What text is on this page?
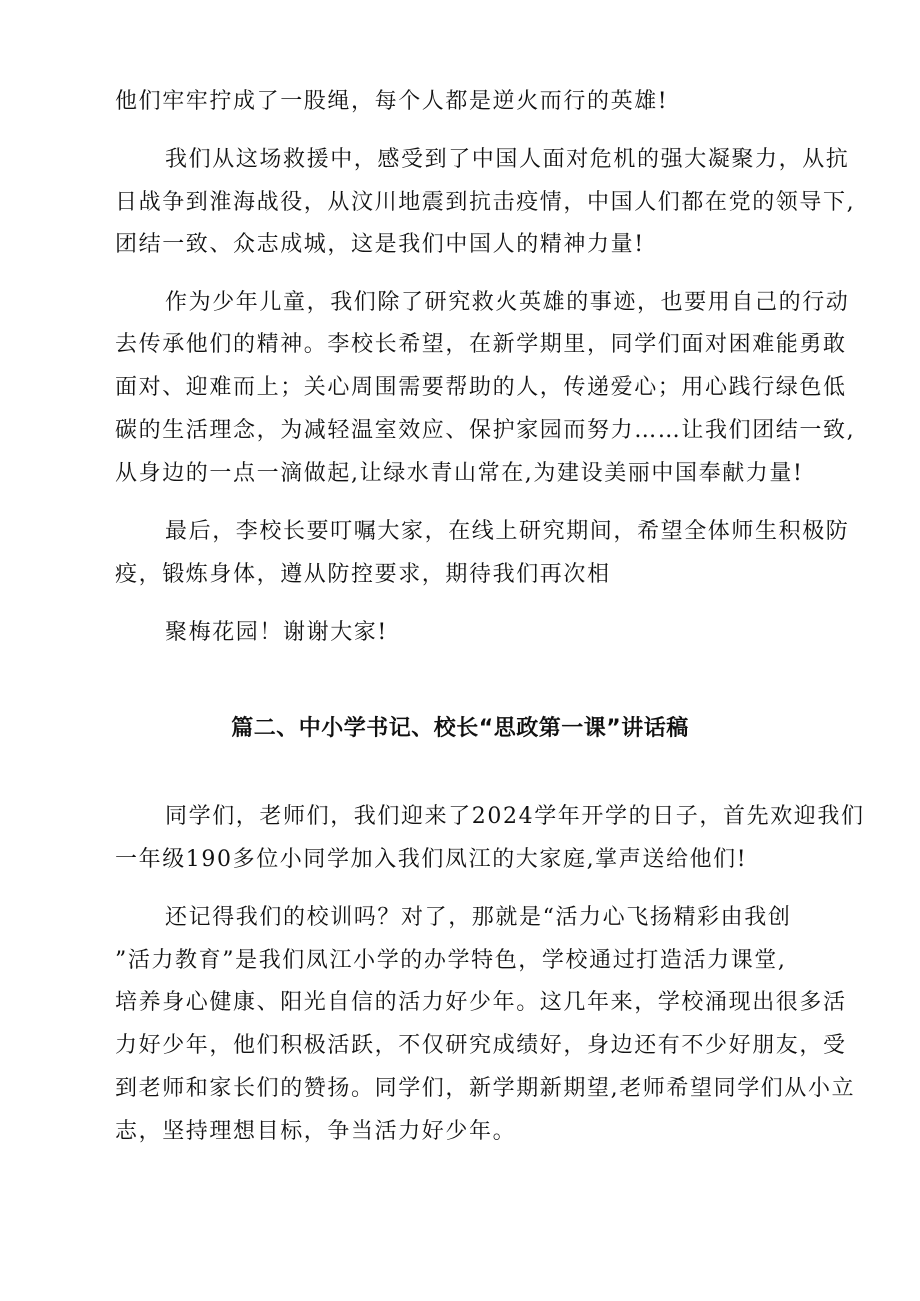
他们牢牢拧成了一股绳，每个人都是逆火而行的英雄!
我们从这场救援中，感受到了中国人面对危机的强大凝聚力，从抗
日战争到淮海战役，从汶川地震到抗击疫情，中国人们都在党的领导下,
团结一致、众志成城，这是我们中国人的精神力量!
作为少年儿童，我们除了研究救火英雄的事迹，也要用自己的行动
去传承他们的精神。李校长希望，在新学期里，同学们面对困难能勇敢
面对、迎难而上；关心周围需要帮助的人，传递爱心；用心践行绿色低
碳的生活理念，为减轻温室效应、保护家园而努力……让我们团结一致,
从身边的一点一滴做起,让绿水青山常在,为建设美丽中国奉献力量!
最后，李校长要叮嘱大家，在线上研究期间，希望全体师生积极防
疫，锻炼身体，遵从防控要求，期待我们再次相
聚梅花园！谢谢大家!
篇二、中小学书记、校长“思政第一课”讲话稿
同学们，老师们，我们迎来了2024学年开学的日子，首先欢迎我们
一年级190多位小同学加入我们凤江的大家庭,掌声送给他们!
还记得我们的校训吗？对了，那就是“活力心飞扬精彩由我创
”活力教育”是我们凤江小学的办学特色，学校通过打造活力课堂,
培养身心健康、阳光自信的活力好少年。这几年来，学校涌现出很多活
力好少年，他们积极活跃，不仅研究成绩好，身边还有不少好朋友，受
到老师和家长们的赞扬。同学们，新学期新期望,老师希望同学们从小立
志，坚持理想目标，争当活力好少年。
